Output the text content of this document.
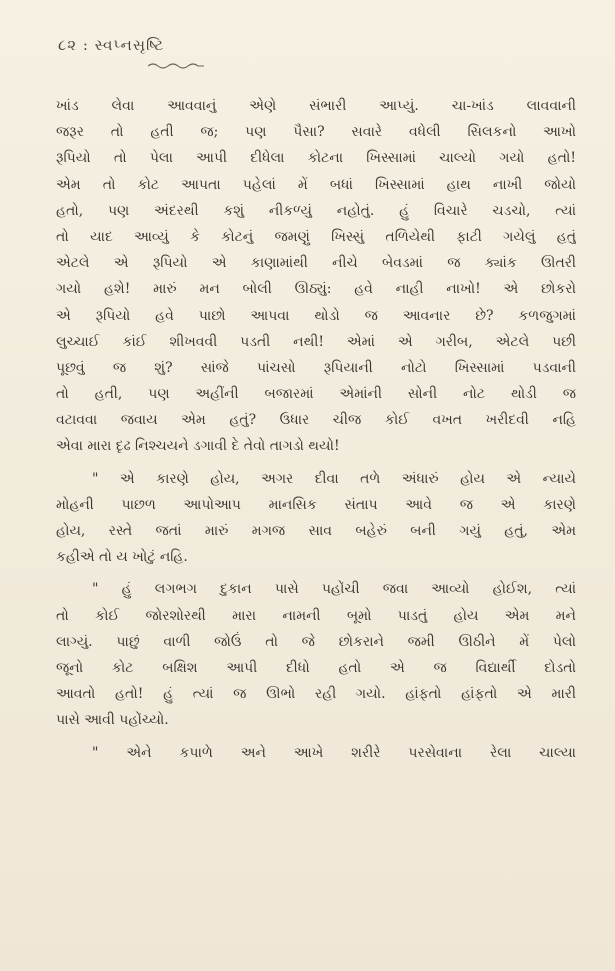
૮૨ : સ્વપ્નસૃષ્ટિ
ખાંડ લેવા આવવાનું એણે સંભારી આપ્યું. ચા-ખાંડ લાવવાની
જરૂર તો હતી જ; પણ પૈસા? સવારે વધેલી સિલકનો આખો
રૂપિયો તો પેલા આપી દીધેલા કોટના ખિસ્સામાં ચાલ્યો ગયો હતો!
એમ તો કોટ આપતા પહેલાં મેં બધાં ખિસ્સામાં હાથ નાખી જોયો
હતો, પણ અંદરથી કશું નીકળ્યું નહોતું. હું વિચારે ચડચો, ત્યાં
તો યાદ આવ્યું કે કોટનું જમણું ખિસ્સું તળિયેથી ફાટી ગયેલું હતું
એટલે એ રૂપિયો એ કાણામાંથી નીચે બેવડમાં જ ક્યાંક ઊતરી
ગયો હશે! મારું મન બોલી ઊઠ્યું: હવે નાહી નાખો! એ છોકરો
એ રૂપિયો હવે પાછો આપવા થોડો જ આવનાર છે? કળજુગમાં
લુચ્ચાઈ કાંઈ શીખવવી પડતી નથી! એમાં એ ગરીબ, એટલે પછી
પૂછવું જ શું? સાંજે પાંચસો રૂપિયાની નોટો ખિસ્સામાં પડવાની
તો હતી, પણ અહીંની બજારમાં એમાંની સોની નોટ થોડી જ
વટાવવા જવાય એમ હતું? ઉધાર ચીજ કોઈ વખત ખરીદવી નહિ
એવા મારા દૃઢ નિશ્ચયને ડગાવી દે તેવો તાગડો થયો!
" એ કારણે હોય, અગર દીવા તળે અંધારું હોય એ ન્યાયે
મોહની પાછળ આપોઆપ માનસિક સંતાપ આવે જ એ કારણે
હોય, રસ્તે જતાં મારું મગજ સાવ બહેરું બની ગયું હતું, એમ
કહીએ તો ય ખોટું નહિ.
" હું લગભગ દુકાન પાસે પહોંચી જવા આવ્યો હોઈશ, ત્યાં
તો કોઈ જોરશોરથી મારા નામની બૂમો પાડતું હોય એમ મને
લાગ્યું. પાછું વાળી જોઉં તો જે છોકરાને જમી ઊઠીને મેં પેલો
જૂનો કોટ બક્ષિશ આપી દીધો હતો એ જ વિદ્યાર્થી દોડતો
આવતો હતો! હું ત્યાં જ ઊભો રહી ગયો. હાંફતો હાંફતો એ મારી
પાસે આવી પહોંચ્યો.
" એને કપાળે અને આખે શરીરે પરસેવાના રેલા ચાલ્યા
